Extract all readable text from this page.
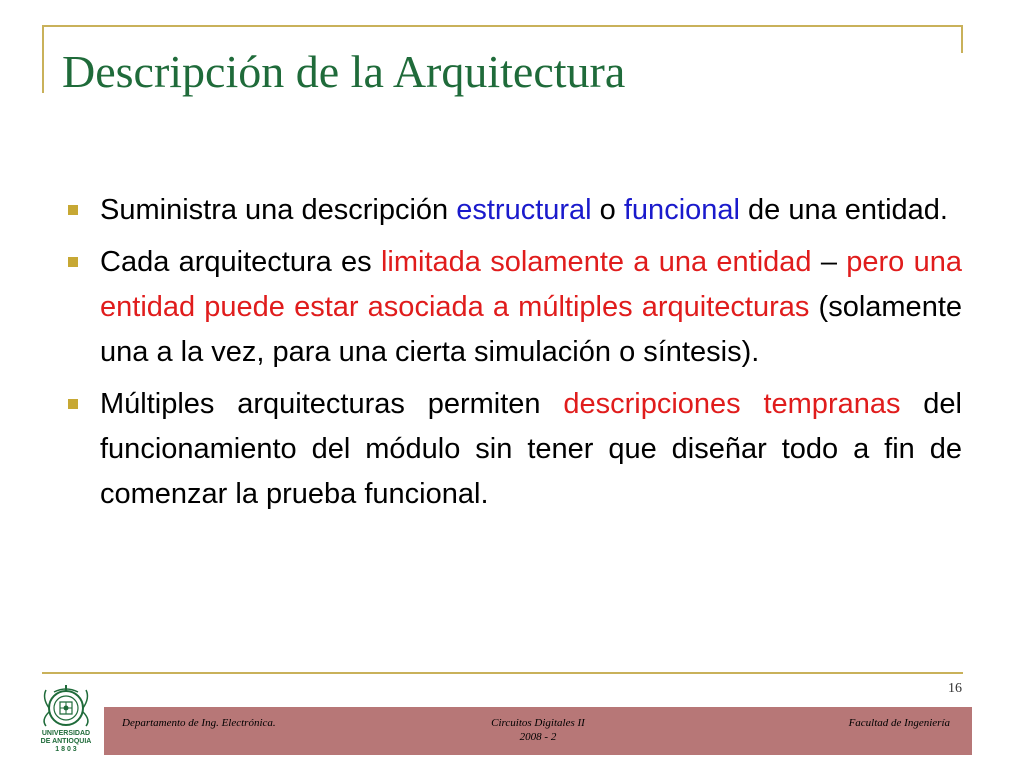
Descripción de la Arquitectura
Suministra una descripción estructural o funcional de una entidad.
Cada arquitectura es limitada solamente a una entidad – pero una entidad puede estar asociada a múltiples arquitecturas (solamente una a la vez, para una cierta simulación o síntesis).
Múltiples arquitecturas permiten descripciones tempranas del funcionamiento del módulo sin tener que diseñar todo a fin de comenzar la prueba funcional.
16
UNIVERSIDAD
DE ANTIOQUIA
1 8 0 3
Departamento de Ing. Electrónica.	Circuitos Digitales II
2008 - 2
Facultad de Ingeniería
